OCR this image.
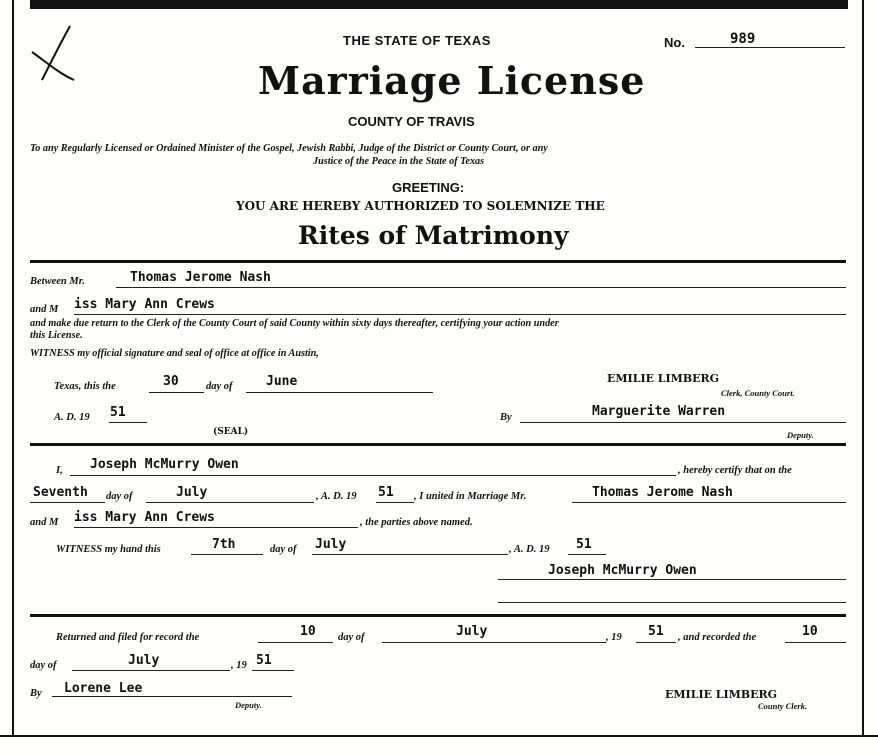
THE STATE OF TEXAS	No.	989
Marriage License
COUNTY OF TRAVIS
To any Regularly Licensed or Ordained Minister of the Gospel, Jewish Rabbi, Judge of the District or County Court, or any
Justice of the Peace in the State of Texas
GREETING:
YOU ARE HEREBY AUTHORIZED TO SOLEMNIZE THE
Rites of Matrimony
Between Mr.	Thomas Jerome Nash
and M iss Mary Ann Crews
and make due return to the Clerk of the County Court of said County within sixty days thereafter, certifying your action under
this License.
WITNESS my official signature and seal of office at office in Austin,
Texas, this the	30	day of	June	EMILIE LIMBERG
Clerk, County Court.
A. D. 19 51
(SEAL)
By	Marguerite Warren
Deputy.
I, Joseph McMurry Owen	, hereby certify that on the
Seventh day of	July	, A. D. 19 51 , I united in Marriage Mr.	Thomas Jerome Nash
and M iss Mary Ann Crews	, the parties above named.
WITNESS my hand this	7th	day of July	, A. D. 19 51
Joseph McMurry Owen
Returned and filed for record the	10 day of	July	, 19 51 , and recorded the	10
day of	July	, 19 51
By Lorene Lee
Deputy.
EMILIE LIMBERG
County Clerk.
